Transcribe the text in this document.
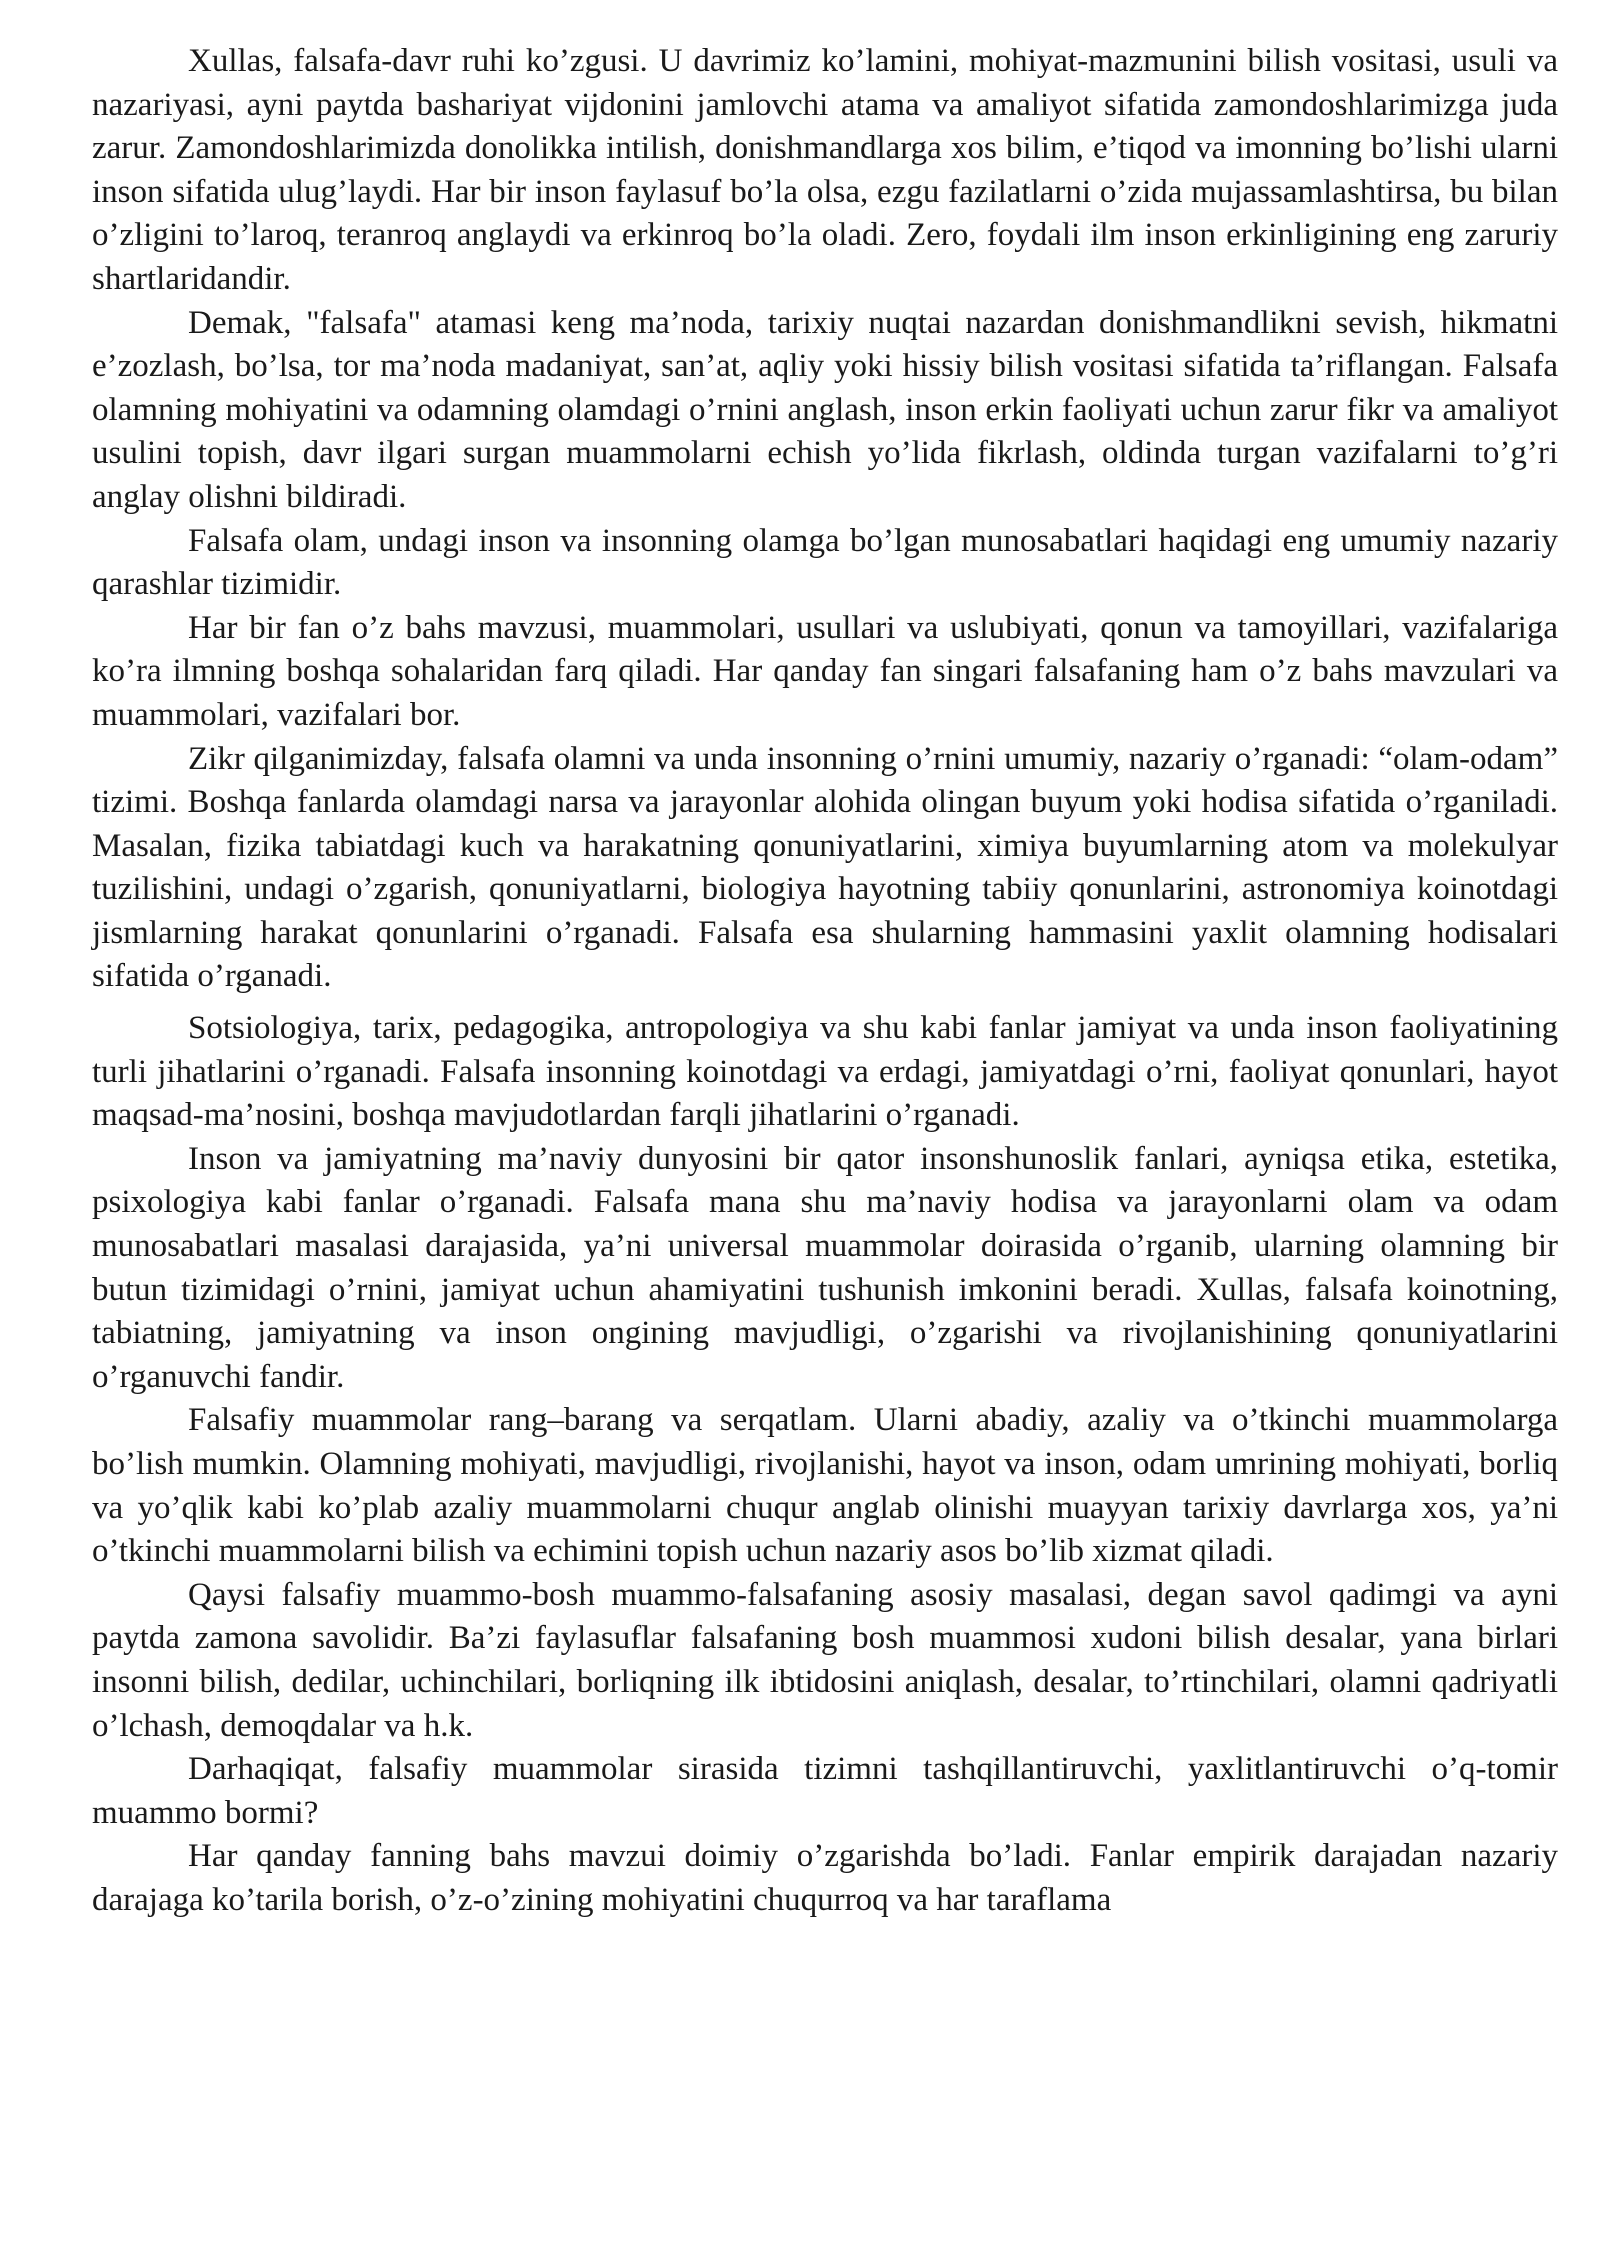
Xullas, falsafa-davr ruhi ko’zgusi. U davrimiz ko’lamini, mohiyat-mazmunini bilish vositasi, usuli va nazariyasi, ayni paytda bashariyat vijdonini jamlovchi atama va amaliyot sifatida zamondoshlarimizga juda zarur. Zamondoshlarimizda donolikka intilish, donishmandlarga xos bilim, e’tiqod va imonning bo’lishi ularni inson sifatida ulug’laydi. Har bir inson faylasuf bo’la olsa, ezgu fazilatlarni o’zida mujassamlashtirsa, bu bilan o’zligini to’laroq, teranroq anglaydi va erkinroq bo’la oladi. Zero, foydali ilm inson erkinligining eng zaruriy shartlaridandir.

Demak, "falsafa" atamasi keng ma’noda, tarixiy nuqtai nazardan donishmandlikni sevish, hikmatni e’zozlash, bo’lsa, tor ma’noda madaniyat, san’at, aqliy yoki hissiy bilish vositasi sifatida ta’riflangan. Falsafa olamning mohiyatini va odamning olamdagi o’rnini anglash, inson erkin faoliyati uchun zarur fikr va amaliyot usulini topish, davr ilgari surgan muammolarni echish yo’lida fikrlash, oldinda turgan vazifalarni to’g’ri anglay olishni bildiradi.

Falsafa olam, undagi inson va insonning olamga bo’lgan munosabatlari haqidagi eng umumiy nazariy qarashlar tizimidir.

Har bir fan o’z bahs mavzusi, muammolari, usullari va uslubiyati, qonun va tamoyillari, vazifalariga ko’ra ilmning boshqa sohalaridan farq qiladi. Har qanday fan singari falsafaning ham o’z bahs mavzulari va muammolari, vazifalari bor.

Zikr qilganimizday, falsafa olamni va unda insonning o’rnini umumiy, nazariy o’rganadi: “olam-odam” tizimi. Boshqa fanlarda olamdagi narsa va jarayonlar alohida olingan buyum yoki hodisa sifatida o’rganiladi. Masalan, fizika tabiatdagi kuch va harakatning qonuniyatlarini, ximiya buyumlarning atom va molekulyar tuzilishini, undagi o’zgarish, qonuniyatlarni, biologiya hayotning tabiiy qonunlarini, astronomiya koinotdagi jismlarning harakat qonunlarini o’rganadi. Falsafa esa shularning hammasini yaxlit olamning hodisalari sifatida o’rganadi.

Sotsiologiya, tarix, pedagogika, antropologiya va shu kabi fanlar jamiyat va unda inson faoliyatining turli jihatlarini o’rganadi. Falsafa insonning koinotdagi va erdagi, jamiyatdagi o’rni, faoliyat qonunlari, hayot maqsad-ma’nosini, boshqa mavjudotlardan farqli jihatlarini o’rganadi.

Inson va jamiyatning ma’naviy dunyosini bir qator insonshunoslik fanlari, ayniqsa etika, estetika, psixologiya kabi fanlar o’rganadi. Falsafa mana shu ma’naviy hodisa va jarayonlarni olam va odam munosabatlari masalasi darajasida, ya’ni universal muammolar doirasida o’rganib, ularning olamning bir butun tizimidagi o’rnini, jamiyat uchun ahamiyatini tushunish imkonini beradi. Xullas, falsafa koinotning, tabiatning, jamiyatning va inson ongining mavjudligi, o’zgarishi va rivojlanishining qonuniyatlarini o’rganuvchi fandir.

Falsafiy muammolar rang–barang va serqatlam. Ularni abadiy, azaliy va o’tkinchi muammolarga bo’lish mumkin. Olamning mohiyati, mavjudligi, rivojlanishi, hayot va inson, odam umrining mohiyati, borliq va yo’qlik kabi ko’plab azaliy muammolarni chuqur anglab olinishi muayyan tarixiy davrlarga xos, ya’ni o’tkinchi muammolarni bilish va echimini topish uchun nazariy asos bo’lib xizmat qiladi.

Qaysi falsafiy muammo-bosh muammo-falsafaning asosiy masalasi, degan savol qadimgi va ayni paytda zamona savolidir. Ba’zi faylasuflar falsafaning bosh muammosi xudoni bilish desalar, yana birlari insonni bilish, dedilar, uchinchilari, borliqning ilk ibtidosini aniqlash, desalar, to’rtinchilari, olamni qadriyatli o’lchash, demoqdalar va h.k.

Darhaqiqat, falsafiy muammolar sirasida tizimni tashqillantiruvchi, yaxlitlantiruvchi o’q-tomir muammo bormi?

Har qanday fanning bahs mavzui doimiy o’zgarishda bo’ladi. Fanlar empirik darajadan nazariy darajaga ko’tarila borish, o’z-o’zining mohiyatini chuqurroq va har taraflama
